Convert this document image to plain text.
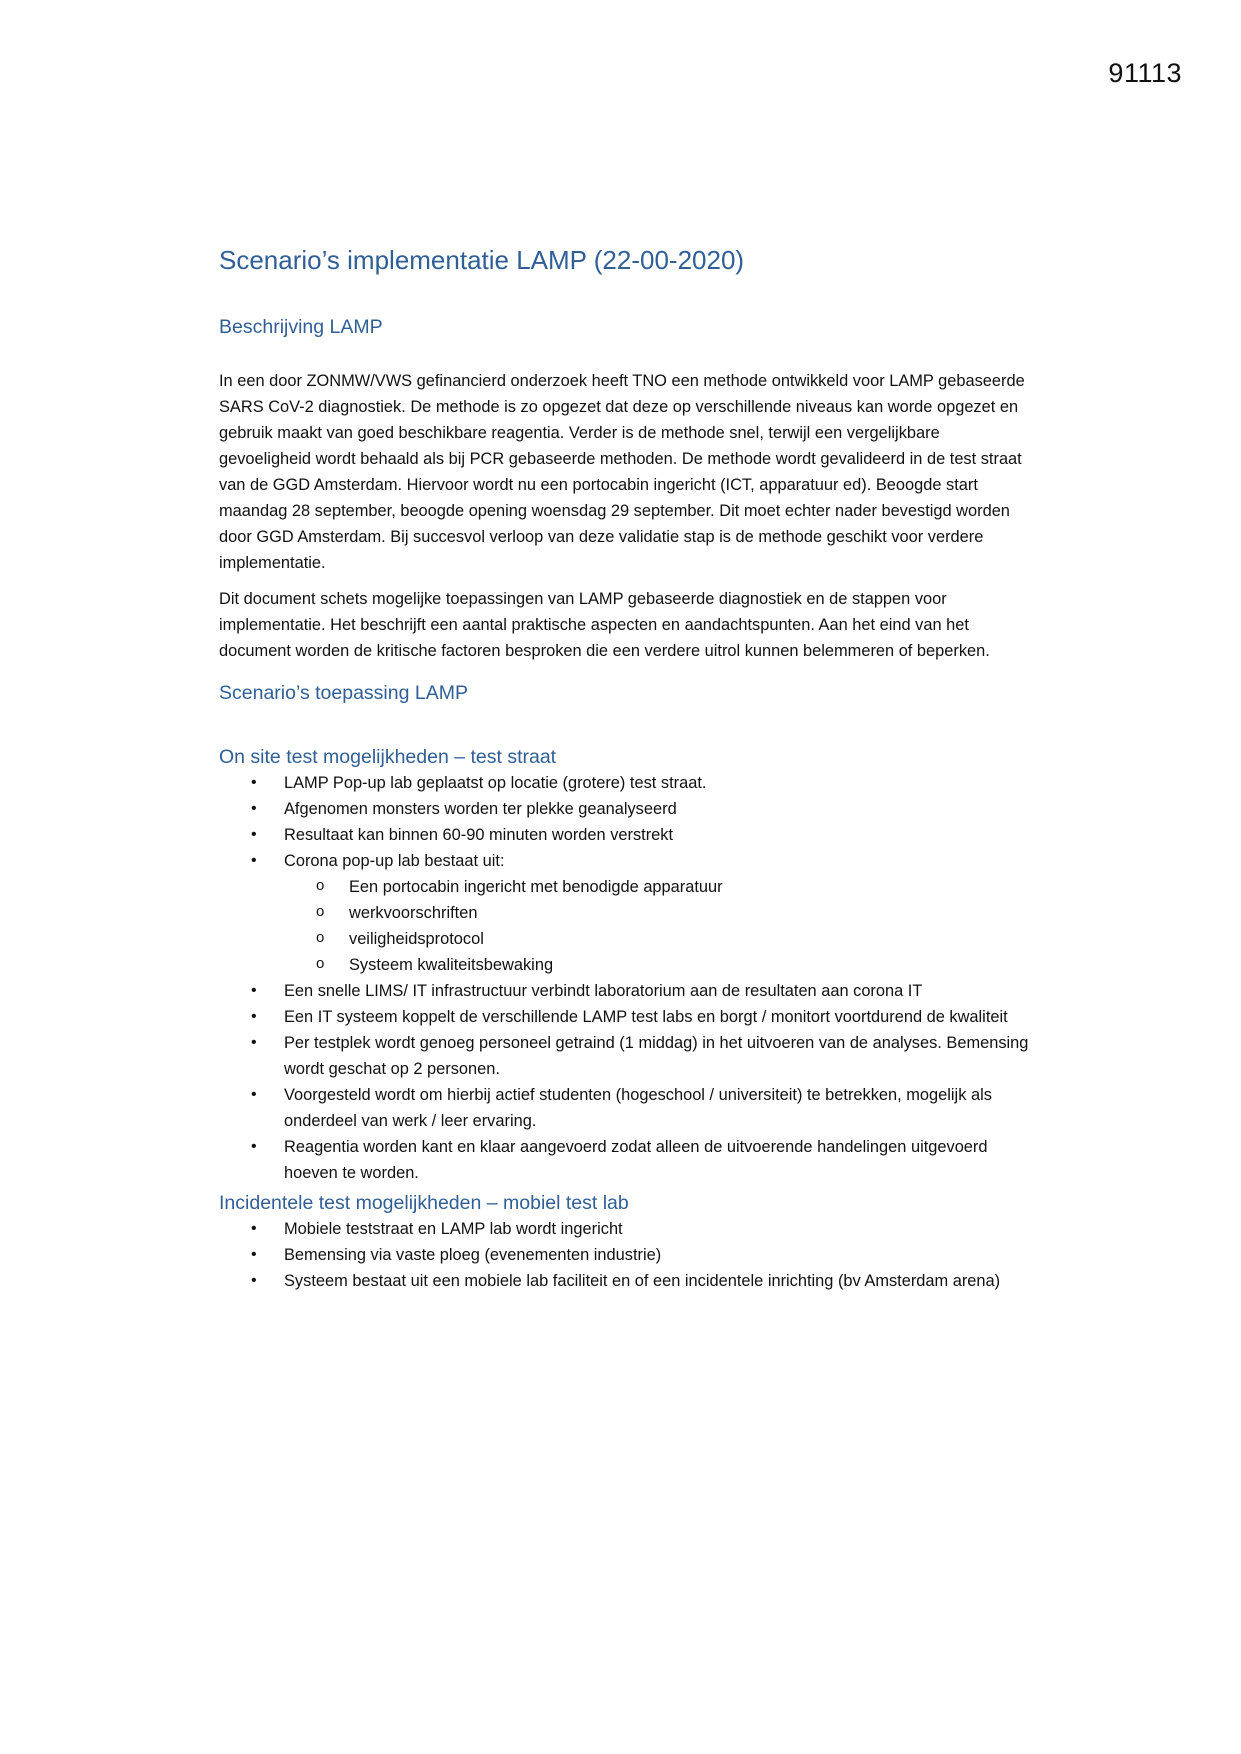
91113
Scenario’s implementatie LAMP (22-00-2020)
Beschrijving LAMP

In een door ZONMW/VWS gefinancierd onderzoek heeft TNO een methode ontwikkeld voor LAMP gebaseerde SARS CoV-2 diagnostiek. De methode is zo opgezet dat deze op verschillende niveaus kan worde opgezet en gebruik maakt van goed beschikbare reagentia. Verder is de methode snel, terwijl een vergelijkbare gevoeligheid wordt behaald als bij PCR gebaseerde methoden. De methode wordt gevalideerd in de test straat van de GGD Amsterdam. Hiervoor wordt nu een portocabin ingericht (ICT, apparatuur ed). Beoogde start maandag 28 september, beoogde opening woensdag 29 september. Dit moet echter nader bevestigd worden door GGD Amsterdam. Bij succesvol verloop van deze validatie stap is de methode geschikt voor verdere implementatie.

Dit document schets mogelijke toepassingen van LAMP gebaseerde diagnostiek en de stappen voor implementatie. Het beschrijft een aantal praktische aspecten en aandachtspunten. Aan het eind van het document worden de kritische factoren besproken die een verdere uitrol kunnen belemmeren of beperken.

Scenario’s toepassing LAMP
On site test mogelijkheden – test straat
• LAMP Pop-up lab geplaatst op locatie (grotere) test straat.
• Afgenomen monsters worden ter plekke geanalyseerd
• Resultaat kan binnen 60-90 minuten worden verstrekt
• Corona pop-up lab bestaat uit:
o Een portocabin ingericht met benodigde apparatuur
o werkvoorschriften
o veiligheidsprotocol
o Systeem kwaliteitsbewaking
• Een snelle LIMS/ IT infrastructuur verbindt laboratorium aan de resultaten aan corona IT
• Een IT systeem koppelt de verschillende LAMP test labs en borgt / monitort voortdurend de kwaliteit
• Per testplek wordt genoeg personeel getraind (1 middag) in het uitvoeren van de analyses. Bemensing wordt geschat op 2 personen.
• Voorgesteld wordt om hierbij actief studenten (hogeschool / universiteit) te betrekken, mogelijk als onderdeel van werk / leer ervaring.
• Reagentia worden kant en klaar aangevoerd zodat alleen de uitvoerende handelingen uitgevoerd hoeven te worden.
Incidentele test mogelijkheden – mobiel test lab
• Mobiele teststraat en LAMP lab wordt ingericht
• Bemensing via vaste ploeg (evenementen industrie)
• Systeem bestaat uit een mobiele lab faciliteit en of een incidentele inrichting (bv Amsterdam arena)
